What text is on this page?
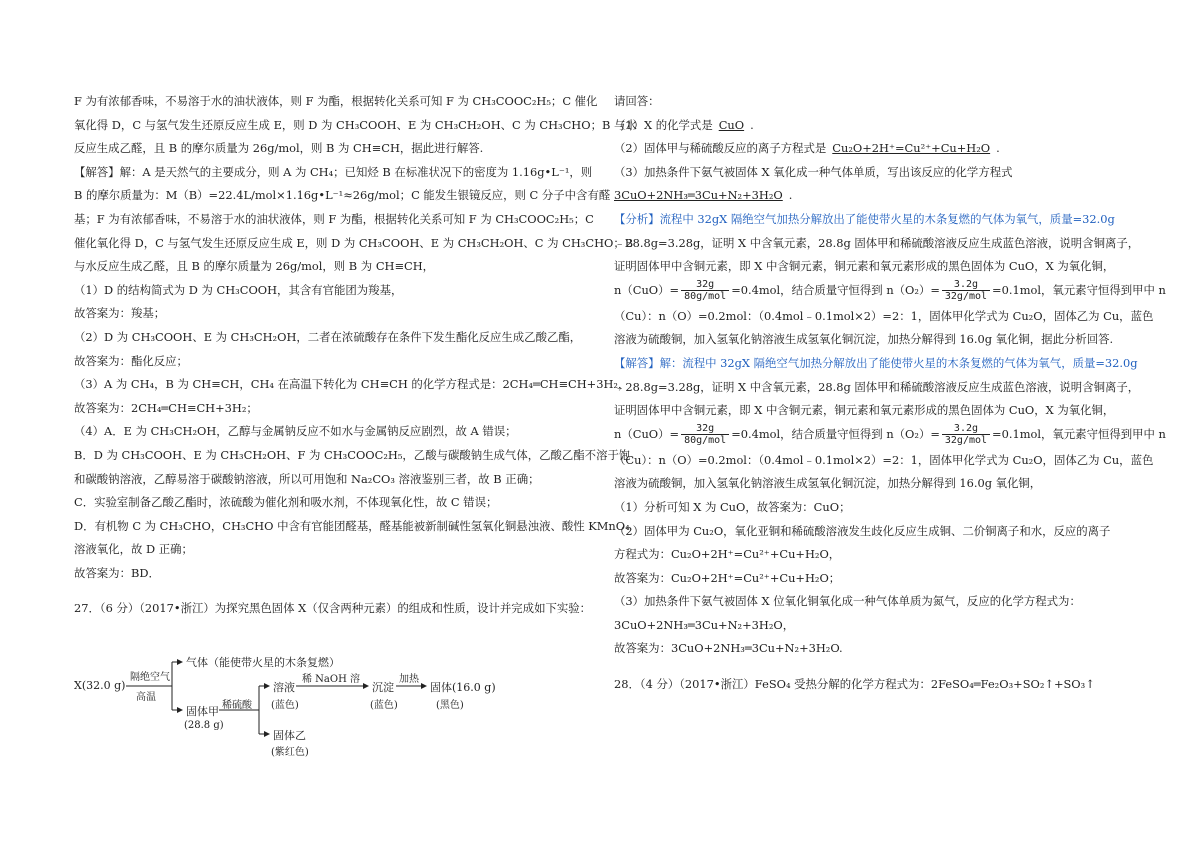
F 为有浓郁香味，不易溶于水的油状液体，则 F 为酯，根据转化关系可知 F 为 CH₃COOC₂H₅；C 催化
氧化得 D，C 与氢气发生还原反应生成 E，则 D 为 CH₃COOH、E 为 CH₃CH₂OH、C 为 CH₃CHO；B 与水
反应生成乙醛，且 B 的摩尔质量为 26g/mol，则 B 为 CH≡CH，据此进行解答.
【解答】解：A 是天然气的主要成分，则 A 为 CH₄；已知烃 B 在标准状况下的密度为 1.16g•L⁻¹，则
B 的摩尔质量为：M（B）=22.4L/mol×1.16g•L⁻¹≈26g/mol；C 能发生银镜反应，则 C 分子中含有醛
基；F 为有浓郁香味，不易溶于水的油状液体，则 F 为酯，根据转化关系可知 F 为 CH₃COOC₂H₅；C
催化氧化得 D，C 与氢气发生还原反应生成 E，则 D 为 CH₃COOH、E 为 CH₃CH₂OH、C 为 CH₃CHO；B
与水反应生成乙醛，且 B 的摩尔质量为 26g/mol，则 B 为 CH≡CH，
（1）D 的结构简式为 D 为 CH₃COOH，其含有官能团为羧基，
故答案为：羧基；
（2）D 为 CH₃COOH、E 为 CH₃CH₂OH，二者在浓硫酸存在条件下发生酯化反应生成乙酸乙酯，
故答案为：酯化反应；
（3）A 为 CH₄，B 为 CH≡CH，CH₄ 在高温下转化为 CH≡CH 的化学方程式是：2CH₄═CH≡CH+3H₂，
故答案为：2CH₄═CH≡CH+3H₂；
（4）A．E 为 CH₃CH₂OH，乙醇与金属钠反应不如水与金属钠反应剧烈，故 A 错误；
B．D 为 CH₃COOH、E 为 CH₃CH₂OH、F 为 CH₃COOC₂H₅，乙酸与碳酸钠生成气体，乙酸乙酯不溶于饱
和碳酸钠溶液，乙醇易溶于碳酸钠溶液，所以可用饱和 Na₂CO₃ 溶液鉴别三者，故 B 正确；
C．实验室制备乙酸乙酯时，浓硫酸为催化剂和吸水剂，不体现氧化性，故 C 错误；
D．有机物 C 为 CH₃CHO，CH₃CHO 中含有官能团醛基，醛基能被新制碱性氢氧化铜悬浊液、酸性 KMnO₄
溶液氧化，故 D 正确；
故答案为：BD．
27．（6 分）（2017•浙江）为探究黑色固体 X（仅含两种元素）的组成和性质，设计并完成如下实验：
X(32.0 g)
隔绝空气
高温
气体（能使带火星的木条复燃）
固体甲
(28.8 g)
稀硫酸
溶液
(蓝色)
稀 NaOH 溶
沉淀
(蓝色)
加热
固体(16.0 g)
(黑色)
固体乙
(紫红色)
请回答：
（1）X 的化学式是 CuO .
（2）固体甲与稀硫酸反应的离子方程式是 Cu₂O+2H⁺=Cu²⁺+Cu+H₂O .
（3）加热条件下氨气被固体 X 氧化成一种气体单质，写出该反应的化学方程式
3CuO+2NH₃═3Cu+N₂+3H₂O .
【分析】流程中 32gX 隔绝空气加热分解放出了能使带火星的木条复燃的气体为氧气，质量=32.0g
﹣28.8g=3.28g，证明 X 中含氧元素，28.8g 固体甲和稀硫酸溶液反应生成蓝色溶液，说明含铜离子，
证明固体甲中含铜元素，即 X 中含铜元素，铜元素和氧元素形成的黑色固体为 CuO，X 为氧化铜，
$n(CuO)= \frac{32g}{\text{80g/mol}} =0.4mol$，结合质量守恒得到 $n(O_2)= \frac{3.2g}{\text{32g/mol}} =0.1mol$，氧元素守恒得到甲中 n
（Cu）：n（O）=0.2mol：（0.4mol﹣0.1mol×2）=2：1，固体甲化学式为 Cu₂O，固体乙为 Cu，蓝色
溶液为硫酸铜，加入氢氧化钠溶液生成氢氧化铜沉淀，加热分解得到 16.0g 氧化铜，据此分析回答.
【解答】解：流程中 32gX 隔绝空气加热分解放出了能使带火星的木条复燃的气体为氧气，质量=32.0g
﹣28.8g=3.28g，证明 X 中含氧元素，28.8g 固体甲和稀硫酸溶液反应生成蓝色溶液，说明含铜离子，
证明固体甲中含铜元素，即 X 中含铜元素，铜元素和氧元素形成的黑色固体为 CuO，X 为氧化铜，
$n(CuO)= \frac{32g}{\text{80g/mol}} =0.4mol$，结合质量守恒得到 $n(O_2)= \frac{3.2g}{\text{32g/mol}} =0.1mol$，氧元素守恒得到甲中 n
（Cu）：n（O）=0.2mol：（0.4mol﹣0.1mol×2）=2：1，固体甲化学式为 Cu₂O，固体乙为 Cu，蓝色
溶液为硫酸铜，加入氢氧化钠溶液生成氢氧化铜沉淀，加热分解得到 16.0g 氧化铜，
（1）分析可知 X 为 CuO，故答案为：CuO；
（2）固体甲为 Cu₂O，氧化亚铜和稀硫酸溶液发生歧化反应生成铜、二价铜离子和水，反应的离子
方程式为：Cu₂O+2H⁺=Cu²⁺+Cu+H₂O，
故答案为：Cu₂O+2H⁺=Cu²⁺+Cu+H₂O；
（3）加热条件下氨气被固体 X 位氧化铜氧化成一种气体单质为氮气，反应的化学方程式为：
3CuO+2NH₃═3Cu+N₂+3H₂O，
故答案为：3CuO+2NH₃═3Cu+N₂+3H₂O.
28．（4 分）（2017•浙江）FeSO₄ 受热分解的化学方程式为：2FeSO₄═Fe₂O₃+SO₂↑+SO₃↑
